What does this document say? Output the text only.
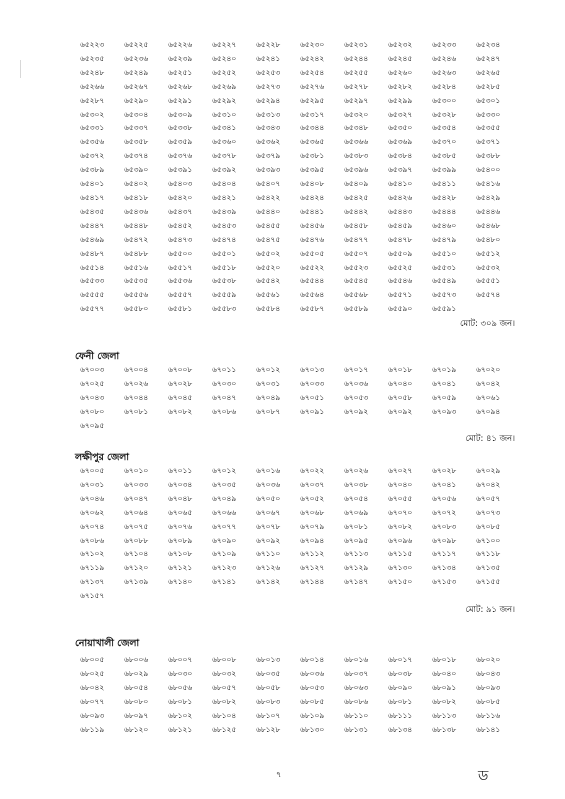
৬৫২২৩	৬৫২২৫	৬৫২২৬	৬৫২২৭	৬৫২২৮	৬৫২৩০	৬৫২৩১	৬৫২৩২	৬৫২৩৩	৬৫২৩৪
৬৫২৩৫	৬৫২৩৬	৬৫২৩৯	৬৫২৪০	৬৫২৪১	৬৫২৪২	৬৫২৪৪	৬৫২৪৫	৬৫২৪৬	৬৫২৪৭
৬৫২৪৮	৬৫২৪৯	৬৫২৫১	৬৫২৫২	৬৫২৫৩	৬৫২৫৪	৬৫২৫৫	৬৫২৬০	৬৫২৬৩	৬৫২৬৫
৬৫২৬৬	৬৫২৬৭	৬৫২৬৮	৬৫২৬৯	৬৫২৭৩	৬৫২৭৬	৬৫২৭৮	৬৫২৮২	৬৫২৮৪	৬৫২৮৫
৬৫২৮৭	৬৫২৯০	৬৫২৯১	৬৫২৯২	৬৫২৯৪	৬৫২৯৫	৬৫২৯৭	৬৫২৯৯	৬৫৩০০	৬৫৩০১
৬৫৩০২	৬৫৩০৪	৬৫৩০৯	৬৫৩১০	৬৫৩১৩	৬৫৩১৭	৬৫৩২০	৬৫৩২৭	৬৫৩২৮	৬৫৩৩০
৬৫৩৩১	৬৫৩৩৭	৬৫৩৩৮	৬৫৩৪১	৬৫৩৪৩	৬৫৩৪৪	৬৫৩৪৮	৬৫৩৫০	৬৫৩৫৪	৬৫৩৫৫
৬৫৩৫৬	৬৫৩৫৮	৬৫৩৫৯	৬৫৩৬০	৬৫৩৬২	৬৫৩৬৫	৬৫৩৬৬	৬৫৩৬৯	৬৫৩৭০	৬৫৩৭১
৬৫৩৭২	৬৫৩৭৪	৬৫৩৭৬	৬৫৩৭৮	৬৫৩৭৯	৬৫৩৮১	৬৫৩৮৩	৬৫৩৮৪	৬৫৩৮৫	৬৫৩৮৮
৬৫৩৮৯	৬৫৩৯০	৬৫৩৯১	৬৫৩৯২	৬৫৩৯৩	৬৫৩৯৫	৬৫৩৯৬	৬৫৩৯৭	৬৫৩৯৯	৬৫৪০০
৬৫৪০১	৬৫৪০২	৬৫৪০৩	৬৫৪০৪	৬৫৪০৭	৬৫৪০৮	৬৫৪০৯	৬৫৪১০	৬৫৪১১	৬৫৪১৬
৬৫৪১৭	৬৫৪১৮	৬৫৪২০	৬৫৪২১	৬৫৪২২	৬৫৪২৪	৬৫৪২৫	৬৫৪২৬	৬৫৪২৮	৬৫৪২৯
৬৫৪৩৫	৬৫৪৩৬	৬৫৪৩৭	৬৫৪৩৯	৬৫৪৪০	৬৫৪৪১	৬৫৪৪২	৬৫৪৪৩	৬৫৪৪৪	৬৫৪৪৬
৬৫৪৪৭	৬৫৪৪৮	৬৫৪৫২	৬৫৪৫৩	৬৫৪৫৫	৬৫৪৫৬	৬৫৪৫৮	৬৫৪৫৯	৬৫৪৬০	৬৫৪৬৮
৬৫৪৬৯	৬৫৪৭২	৬৫৪৭৩	৬৫৪৭৪	৬৫৪৭৫	৬৫৪৭৬	৬৫৪৭৭	৬৫৪৭৮	৬৫৪৭৯	৬৫৪৮০
৬৫৪৮৭	৬৫৪৮৮	৬৫৫০০	৬৫৫০১	৬৫৫০২	৬৫৫০৫	৬৫৫০৭	৬৫৫০৯	৬৫৫১০	৬৫৫১২
৬৫৫১৪	৬৫৫১৬	৬৫৫১৭	৬৫৫১৮	৬৫৫২০	৬৫৫২২	৬৫৫২৩	৬৫৫২৫	৬৫৫৩১	৬৫৫৩২
৬৫৫৩৩	৬৫৫৩৫	৬৫৫৩৬	৬৫৫৩৮	৬৫৫৪২	৬৫৫৪৪	৬৫৫৪৫	৬৫৫৪৬	৬৫৫৪৯	৬৫৫৫১
৬৫৫৫৫	৬৫৫৫৬	৬৫৫৫৭	৬৫৫৫৯	৬৫৫৬১	৬৫৫৬৪	৬৫৫৬৮	৬৫৫৭১	৬৫৫৭৩	৬৫৫৭৪
৬৫৫৭৭	৬৫৫৮০	৬৫৫৮১	৬৫৫৮৩	৬৫৫৮৪	৬৫৫৮৭	৬৫৫৮৯	৬৫৫৯০	৬৫৫৯১
মোট: ৩০৯ জন।
ফেনী জেলা
৬৭০০৩	৬৭০০৪	৬৭০০৮	৬৭০১১	৬৭০১২	৬৭০১৩	৬৭০১৭	৬৭০১৮	৬৭০১৯	৬৭০২০
৬৭০২৫	৬৭০২৬	৬৭০২৮	৬৭০৩০	৬৭০৩১	৬৭০৩৩	৬৭০৩৬	৬৭০৪০	৬৭০৪১	৬৭০৪২
৬৭০৪৩	৬৭০৪৪	৬৭০৪৫	৬৭০৪৭	৬৭০৪৯	৬৭০৫১	৬৭০৫৩	৬৭০৫৮	৬৭০৫৯	৬৭০৬১
৬৭০৮০	৬৭০৮১	৬৭০৮২	৬৭০৮৬	৬৭০৮৭	৬৭০৯১	৬৭০৯২	৬৭০৯২	৬৭০৯৩	৬৭০৯৪
৬৭০৯৫
মোট: ৪১ জন।
লক্ষীপুর জেলা
৬৭০০৫	৬৭০১০	৬৭০১১	৬৭০১২	৬৭০১৬	৬৭০২২	৬৭০২৬	৬৭০২৭	৬৭০২৮	৬৭০২৯
৬৭০৩১	৬৭০৩৩	৬৭০৩৪	৬৭০৩৫	৬৭০৩৬	৬৭০৩৭	৬৭০৩৮	৬৭০৪০	৬৭০৪১	৬৭০৪২
৬৭০৪৬	৬৭০৪৭	৬৭০৪৮	৬৭০৪৯	৬৭০৫০	৬৭০৫২	৬৭০৫৪	৬৭০৫৫	৬৭০৫৬	৬৭০৫৭
৬৭০৬২	৬৭০৬৪	৬৭০৬৫	৬৭০৬৬	৬৭০৬৭	৬৭০৬৮	৬৭০৬৯	৬৭০৭০	৬৭০৭২	৬৭০৭৩
৬৭০৭৪	৬৭০৭৫	৬৭০৭৬	৬৭০৭৭	৬৭০৭৮	৬৭০৭৯	৬৭০৮১	৬৭০৮২	৬৭০৮৩	৬৭০৮৫
৬৭০৮৬	৬৭০৮৮	৬৭০৮৯	৬৭০৯০	৬৭০৯২	৬৭০৯৪	৬৭০৯৫	৬৭০৯৬	৬৭০৯৮	৬৭১০০
৬৭১০২	৬৭১০৪	৬৭১০৮	৬৭১০৯	৬৭১১০	৬৭১১২	৬৭১১৩	৬৭১১৫	৬৭১১৭	৬৭১১৮
৬৭১১৯	৬৭১২০	৬৭১২১	৬৭১২৩	৬৭১২৬	৬৭১২৭	৬৭১২৯	৬৭১৩০	৬৭১৩৪	৬৭১৩৫
৬৭১৩৭	৬৭১৩৯	৬৭১৪০	৬৭১৪১	৬৭১৪২	৬৭১৪৪	৬৭১৪৭	৬৭১৫০	৬৭১৫৩	৬৭১৫৫
৬৭১৫৭
মোট: ৯১ জন।
নোয়াখালী জেলা
৬৮০০৫	৬৮০০৬	৬৮০০৭	৬৮০০৮	৬৮০১৩	৬৮০১৪	৬৮০১৬	৬৮০১৭	৬৮০১৮	৬৮০২০
৬৮০২৫	৬৮০২৯	৬৮০৩০	৬৮০৩২	৬৮০৩৫	৬৮০৩৬	৬৮০৩৭	৬৮০৩৮	৬৮০৪০	৬৮০৪৩
৬৮০৪২	৬৮০৫৪	৬৮০৫৬	৬৮০৫৭	৬৮০৫৮	৬৮০৫৩	৬৮০৬৩	৬৮০৯০	৬৮০৯১	৬৮০৯৩
৬৮০৭৭	৬৮০৮০	৬৮০৮১	৬৮০৮২	৬৮০৮৩	৬৮০৮৫	৬৮০৮৬	৬৮০৮১	৬৮০৮২	৬৮০৮৫
৬৮০৯৩	৬৮০৯৭	৬৮১০২	৬৮১০৪	৬৮১০৭	৬৮১০৯	৬৮১১০	৬৮১১১	৬৮১১৩	৬৮১১৬
৬৮১১৯	৬৮১২০	৬৮১২১	৬৮১২৫	৬৮১২৮	৬৮১৩০	৬৮১৩১	৬৮১৩৪	৬৮১৩৮	৬৮১৪১
৭	ড
